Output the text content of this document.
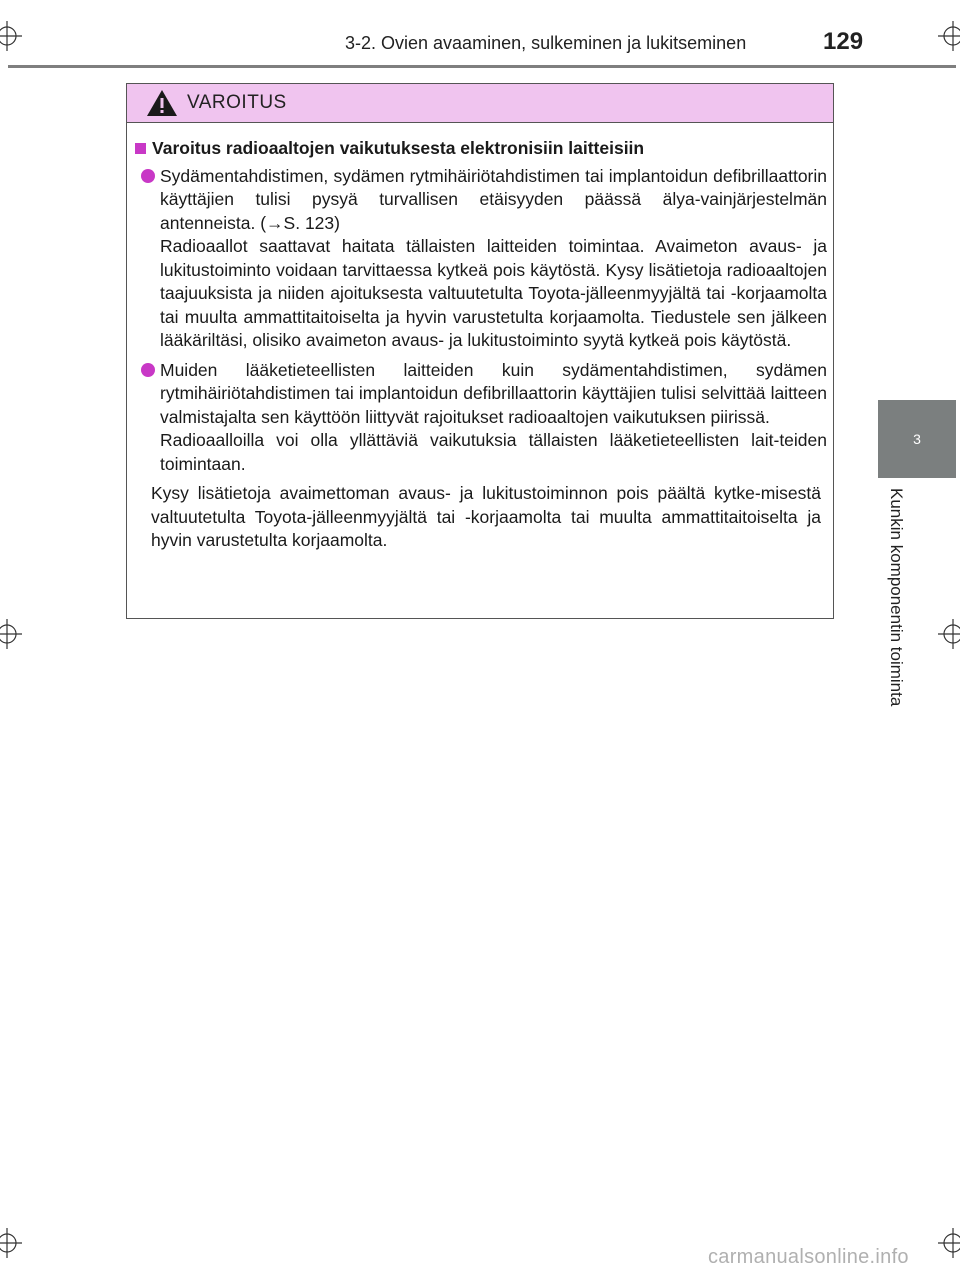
3-2. Ovien avaaminen, sulkeminen ja lukitseminen	129
3
Kunkin komponentin toiminta
VAROITUS
Varoitus radioaaltojen vaikutuksesta elektronisiin laitteisiin

Sydämentahdistimen, sydämen rytmihäiriötahdistimen tai implantoidun defibrillaattorin käyttäjien tulisi pysyä turvallisen etäisyyden päässä älya-vainjärjestelmän antenneista. (→S. 123)

Radioaallot saattavat haitata tällaisten laitteiden toimintaa. Avaimeton avaus- ja lukitustoiminto voidaan tarvittaessa kytkeä pois käytöstä. Kysy lisätietoja radioaaltojen taajuuksista ja niiden ajoituksesta valtuutetulta Toyota-jälleenmyyjältä tai -korjaamolta tai muulta ammattitaitoiselta ja hyvin varustetulta korjaamolta. Tiedustele sen jälkeen lääkäriltäsi, olisiko avaimeton avaus- ja lukitustoiminto syytä kytkeä pois käytöstä.

Muiden lääketieteellisten laitteiden kuin sydämentahdistimen, sydämen rytmihäiriötahdistimen tai implantoidun defibrillaattorin käyttäjien tulisi selvittää laitteen valmistajalta sen käyttöön liittyvät rajoitukset radioaaltojen vaikutuksen piirissä.

Radioaalloilla voi olla yllättäviä vaikutuksia tällaisten lääketieteellisten lait-teiden toimintaan.

Kysy lisätietoja avaimettoman avaus- ja lukitustoiminnon pois päältä kytke-misestä valtuutetulta Toyota-jälleenmyyjältä tai -korjaamolta tai muulta ammattitaitoiselta ja hyvin varustetulta korjaamolta.

carmanualsonline.info
